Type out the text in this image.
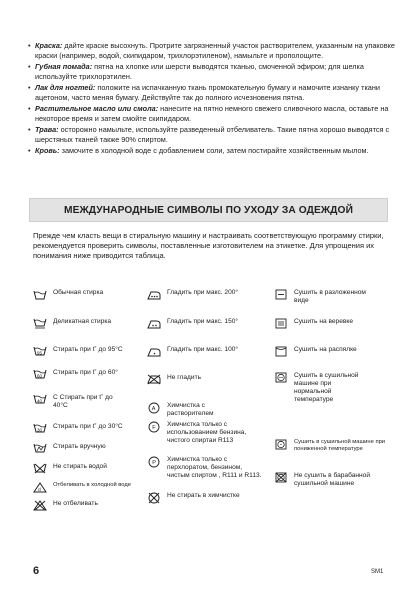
• Краска: дайте краске высохнуть. Протрите загрязненный участок растворителем, указанным на упаковке краски (например, водой, скипидаром, трихлорэтиленом), намыльте и прополощите.
• Губная помада: пятна на хлопке или шерсти выводятся тканью, смоченной эфиром; для шелка используйте трихлорэтилен.
• Лак для ногтей: положите на испачканную ткань промокательную бумагу и намочите изнанку ткани ацетоном, часто меняя бумагу. Действуйте так до полного исчезновения пятна.
• Растительное масло или смола: нанесите на пятно немного свежего сливочного масла, оставьте на некоторое время и затем смойте скипидаром.
• Трава: осторожно намыльте, используйте разведенный отбеливатель. Такие пятна хорошо выводятся с шерстяных тканей также 90% спиртом.
• Кровь: замочите в холодной воде с добавлением соли, затем постирайте хозяйственным мылом.
МЕЖДУНАРОДНЫЕ СИМВОЛЫ ПО УХОДУ ЗА ОДЕЖДОЙ
Прежде чем класть вещи в стиральную машину и настраивать соответствующую программу стирки, рекомендуется проверить символы, поставленные изготовителем на этикетке. Для упрощения их понимания ниже приводится таблица.
Обычная стирка
Деликатная стирка
95 Стирать при t˚ до 95°C
60 Стирать при t˚ до 60°
40 С Стирать при t˚ до 40°C
30 Стирать при t˚ до 30°C
Стирать вручную
Не стирать водой
cl
Отбеливать в холодной воде
Не отбеливать
Гладить при макс. 200°
Гладить при макс. 150°
Гладить при макс. 100°
Не гладить
A Химчистка с растворителем
F Химчистка только с использованием бензина, чистого спиртаи R113
P Химчистка только с перхлоратом, бензином, чистым спиртом , R111 и R113.
Не стирать в химчистке
Сушить в разложенном виде
Сушить на веревке
Сушить на распялке
Сушить в сушильной машине при нормальной температуре
Сушить в сушильной машине при пониженной температуре
Не сушить в барабанной сушильной машине
6	SM1
